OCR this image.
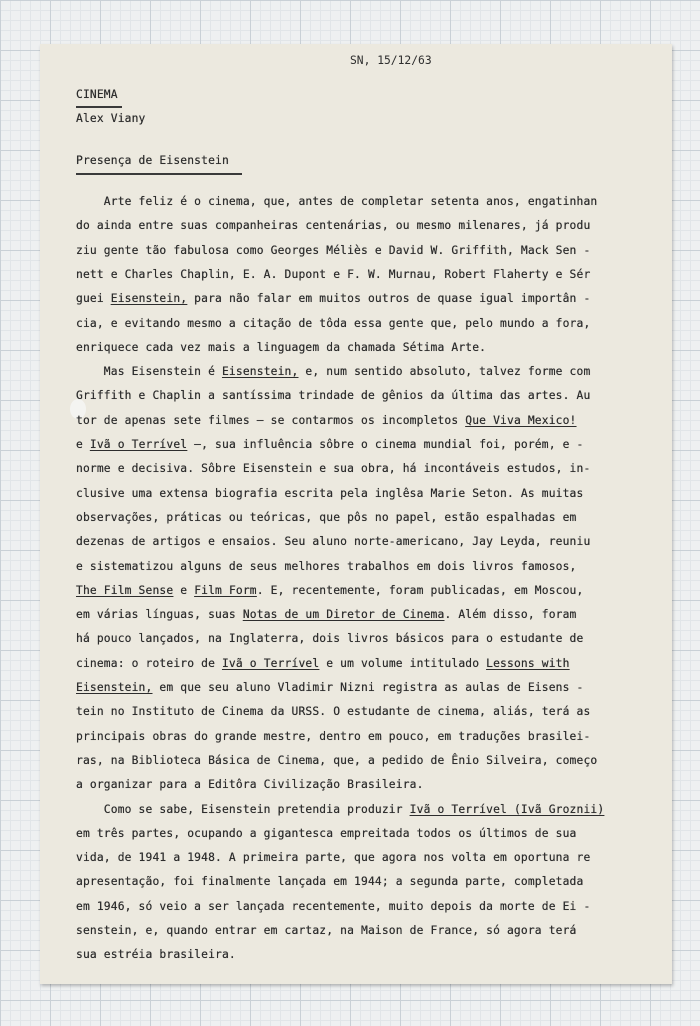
SN, 15/12/63
CINEMA
Alex Viany
Presença de Eisenstein
Arte feliz é o cinema, que, antes de completar setenta anos, engatinhan
do ainda entre suas companheiras centenárias, ou mesmo milenares, já produ
ziu gente tão fabulosa como Georges Méliès e David W. Griffith, Mack Sen -
nett e Charles Chaplin, E. A. Dupont e F. W. Murnau, Robert Flaherty e Sér
guei Eisenstein, para não falar em muitos outros de quase igual importân -
cia, e evitando mesmo a citação de tôda essa gente que, pelo mundo a fora,
enriquece cada vez mais a linguagem da chamada Sétima Arte.
Mas Eisenstein é Eisenstein, e, num sentido absoluto, talvez forme com
Griffith e Chaplin a santíssima trindade de gênios da última das artes. Au
tor de apenas sete filmes — se contarmos os incompletos Que Viva Mexico!
e Ivã o Terrível —, sua influência sôbre o cinema mundial foi, porém, e -
norme e decisiva. Sôbre Eisenstein e sua obra, há incontáveis estudos, in-
clusive uma extensa biografia escrita pela inglêsa Marie Seton. As muitas
observações, práticas ou teóricas, que pôs no papel, estão espalhadas em
dezenas de artigos e ensaios. Seu aluno norte-americano, Jay Leyda, reuniu
e sistematizou alguns de seus melhores trabalhos em dois livros famosos,
The Film Sense e Film Form. E, recentemente, foram publicadas, em Moscou,
em várias línguas, suas Notas de um Diretor de Cinema. Além disso, foram
há pouco lançados, na Inglaterra, dois livros básicos para o estudante de
cinema: o roteiro de Ivã o Terrível e um volume intitulado Lessons with
Eisenstein, em que seu aluno Vladimir Nizni registra as aulas de Eisens -
tein no Instituto de Cinema da URSS. O estudante de cinema, aliás, terá as
principais obras do grande mestre, dentro em pouco, em traduções brasilei-
ras, na Biblioteca Básica de Cinema, que, a pedido de Ênio Silveira, começo
a organizar para a Editôra Civilização Brasileira.
Como se sabe, Eisenstein pretendia produzir Ivã o Terrível (Ivã Groznii)
em três partes, ocupando a gigantesca empreitada todos os últimos de sua
vida, de 1941 a 1948. A primeira parte, que agora nos volta em oportuna re
apresentação, foi finalmente lançada em 1944; a segunda parte, completada
em 1946, só veio a ser lançada recentemente, muito depois da morte de Ei -
senstein, e, quando entrar em cartaz, na Maison de France, só agora terá
sua estréia brasileira.
